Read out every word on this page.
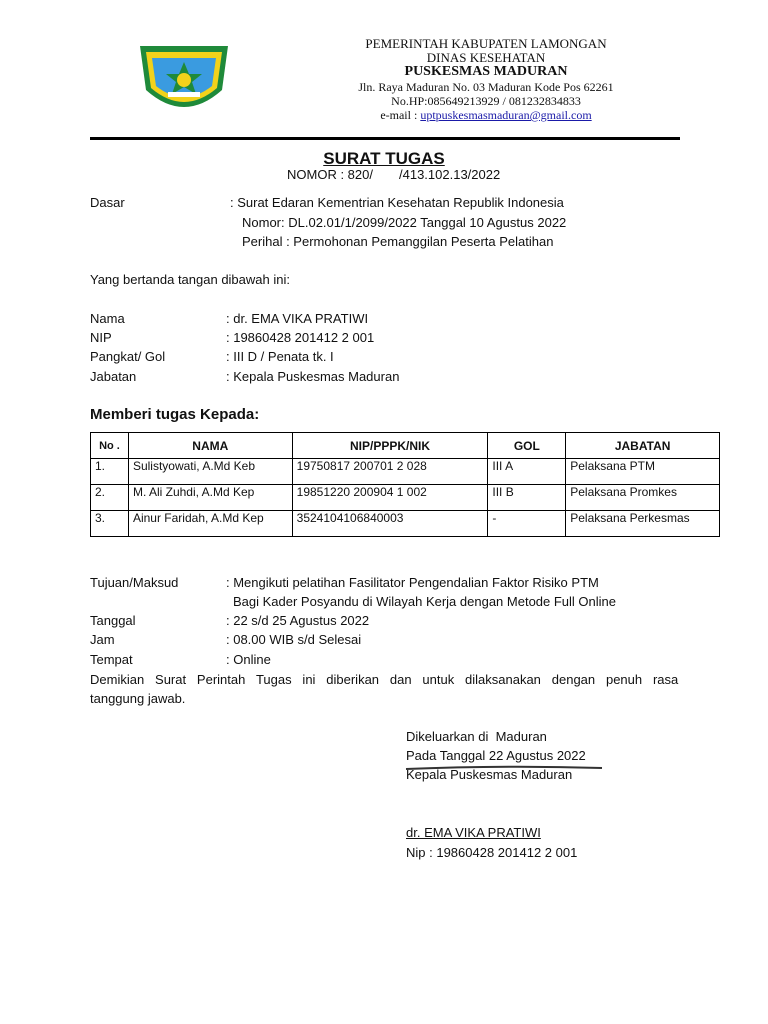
PEMERINTAH KABUPATEN LAMONGAN
DINAS KESEHATAN
PUSKESMAS MADURAN
Jln. Raya Maduran No. 03 Maduran Kode Pos 62261
No.HP:085649213929 / 081232834833
e-mail : uptpuskesmasmaduran@gmail.com
SURAT TUGAS
NOMOR : 820/ /413.102.13/2022
Dasar	: Surat Edaran Kementrian Kesehatan Republik Indonesia
Nomor: DL.02.01/1/2099/2022 Tanggal 10 Agustus 2022
Perihal : Permohonan Pemanggilan Peserta Pelatihan
Yang bertanda tangan dibawah ini:
Nama	: dr. EMA VIKA PRATIWI
NIP	: 19860428 201412 2 001
Pangkat/ Gol	: III D / Penata tk. I
Jabatan	: Kepala Puskesmas Maduran
Memberi tugas Kepada:
No .	NAMA	NIP/PPPK/NIK	GOL	JABATAN
1.	Sulistyowati, A.Md Keb	19750817 200701 2 028	III A	Pelaksana PTM
2.	M. Ali Zuhdi, A.Md Kep	19851220 200904 1 002	III B	Pelaksana Promkes
3.	Ainur Faridah, A.Md Kep	3524104106840003	-	Pelaksana Perkesmas
Tujuan/Maksud	: Mengikuti pelatihan Fasilitator Pengendalian Faktor Risiko PTM
Bagi Kader Posyandu di Wilayah Kerja dengan Metode Full Online
Tanggal	: 22 s/d 25 Agustus 2022
Jam	: 08.00 WIB s/d Selesai
Tempat	: Online
Demikian   Surat   Perintah   Tugas   ini   diberikan   dan   untuk   dilaksanakan   dengan   penuh   rasa
tanggung jawab.
Dikeluarkan di  Maduran
Pada Tanggal 22 Agustus 2022
Kepala Puskesmas Maduran
dr. EMA VIKA PRATIWI
Nip : 19860428 201412 2 001
